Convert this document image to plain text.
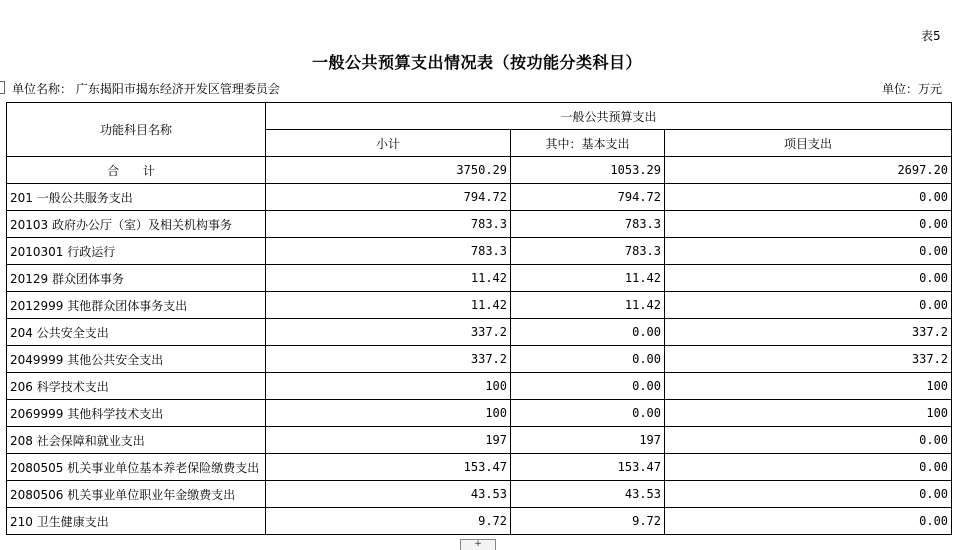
表5
一般公共预算支出情况表（按功能分类科目）
单位名称： 广东揭阳市揭东经济开发区管理委员会	单位：万元
功能科目名称	一般公共预算支出		
	小计	其中：基本支出	项目支出
合 计	3750.29	1053.29	2697.20
201 一般公共服务支出	794.72	794.72	0.00
20103 政府办公厅（室）及相关机构事务	783.3	783.3	0.00
2010301 行政运行	783.3	783.3	0.00
20129 群众团体事务	11.42	11.42	0.00
2012999 其他群众团体事务支出	11.42	11.42	0.00
204 公共安全支出	337.2	0.00	337.2
2049999 其他公共安全支出	337.2	0.00	337.2
206 科学技术支出	100	0.00	100
2069999 其他科学技术支出	100	0.00	100
208 社会保障和就业支出	197	197	0.00
2080505 机关事业单位基本养老保险缴费支出	153.47	153.47	0.00
2080506 机关事业单位职业年金缴费支出	43.53	43.53	0.00
210 卫生健康支出	9.72	9.72	0.00
+
